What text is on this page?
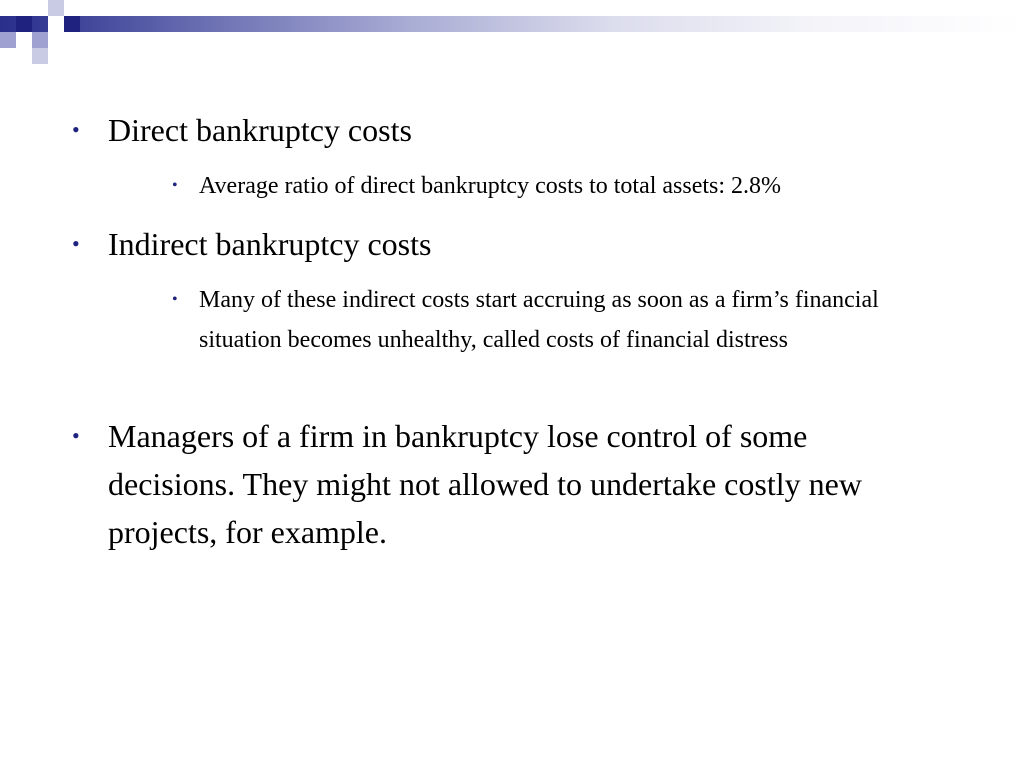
• Direct bankruptcy costs
• Average ratio of direct bankruptcy costs to total assets: 2.8%
• Indirect bankruptcy costs
• Many of these indirect costs start accruing as soon as a firm’s financial situation becomes unhealthy, called costs of financial distress
• Managers of a firm in bankruptcy lose control of some decisions. They might not allowed to undertake costly new projects, for example.
